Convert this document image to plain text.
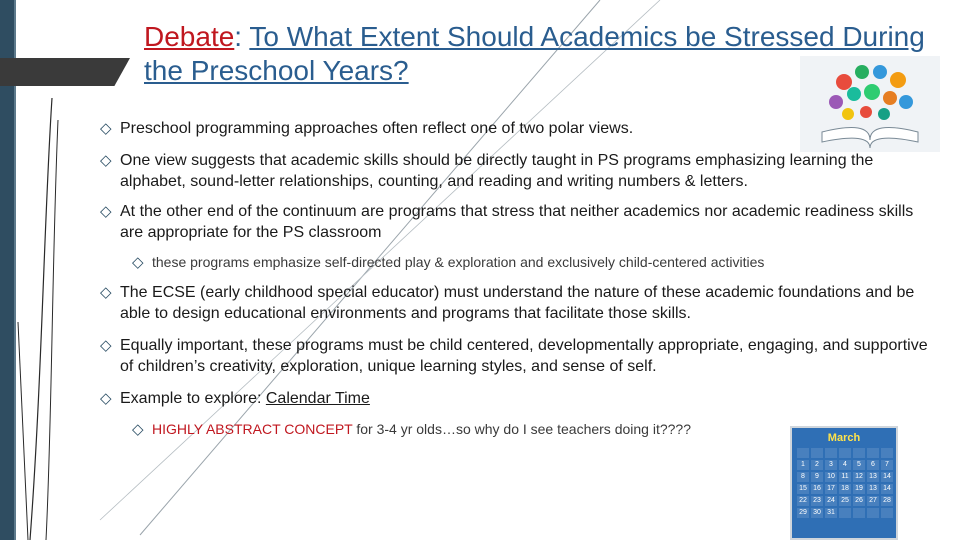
Debate: To What Extent Should Academics be Stressed During the Preschool Years?
◇ Preschool programming approaches often reflect one of two polar views.
◇ One view suggests that academic skills should be directly taught in PS programs emphasizing learning the alphabet, sound-letter relationships, counting, and reading and writing numbers & letters.
◇ At the other end of the continuum are programs that stress that neither academics nor academic readiness skills are appropriate for the PS classroom
◇ these programs emphasize self-directed play & exploration and exclusively child-centered activities
◇ The ECSE (early childhood special educator) must understand the nature of these academic foundations and be able to design educational environments and programs that facilitate those skills.
◇ Equally important, these programs must be child centered, developmentally appropriate, engaging, and supportive of children’s creativity, exploration, unique learning styles, and sense of self.
◇ Example to explore: Calendar Time
◇ HIGHLY ABSTRACT CONCEPT for 3-4 yr olds…so why do I see teachers doing it????
March
1	2	3	4	5	6	7
8	9	10 11 12 13 14
15 16 17 18 19 13 14
22 23 24 25 26 27 28
29 30 31
